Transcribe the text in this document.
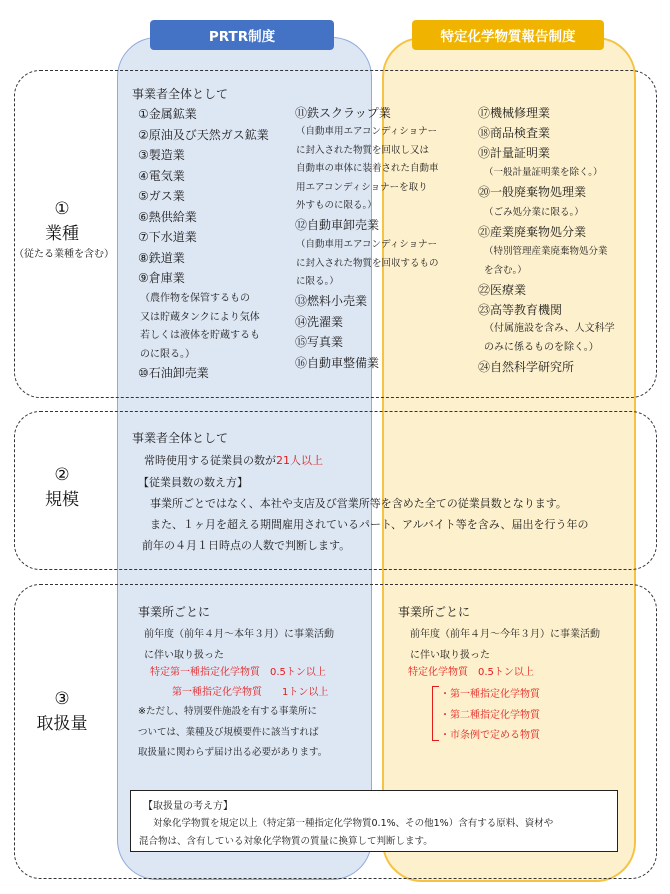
PRTR制度	特定化学物質報告制度
①
業種
（従たる業種を含む）
②
規模
③
取扱量
事業者全体として
①金属鉱業
②原油及び天然ガス鉱業
③製造業
④電気業
⑤ガス業
⑥熱供給業
⑦下水道業
⑧鉄道業
⑨倉庫業
（農作物を保管するもの
又は貯蔵タンクにより気体
若しくは液体を貯蔵するも
のに限る。）
⑩石油卸売業
⑪鉄スクラップ業
（自動車用エアコンディショナー
に封入された物質を回収し又は
自動車の車体に装着された自動車
用エアコンディショナーを取り
外すものに限る。）
⑫自動車卸売業
（自動車用エアコンディショナー
に封入された物質を回収するもの
に限る。）
⑬燃料小売業
⑭洗濯業
⑮写真業
⑯自動車整備業
⑰機械修理業
⑱商品検査業
⑲計量証明業
（一般計量証明業を除く。）
⑳一般廃棄物処理業
（ごみ処分業に限る。）
㉑産業廃棄物処分業
（特別管理産業廃棄物処分業
を含む。）
㉒医療業
㉓高等教育機関
（付属施設を含み、人文科学
のみに係るものを除く。）
㉔自然科学研究所
事業者全体として
常時使用する従業員の数が21人以上
【従業員数の数え方】
事業所ごとではなく、本社や支店及び営業所等を含めた全ての従業員数となります。
また、１ヶ月を超える期間雇用されているパート、アルバイト等を含み、届出を行う年の
前年の４月１日時点の人数で判断します。
事業所ごとに
前年度（前年４月～本年３月）に事業活動
に伴い取り扱った
特定第一種指定化学物質　0.5トン以上
第一種指定化学物質　　1トン以上
※ただし、特別要件施設を有する事業所に
ついては、業種及び規模要件に該当すれば
取扱量に関わらず届け出る必要があります。
事業所ごとに
前年度（前年４月～今年３月）に事業活動
に伴い取り扱った
特定化学物質　0.5トン以上
・第一種指定化学物質
・第二種指定化学物質
・市条例で定める物質
【取扱量の考え方】
対象化学物質を規定以上（特定第一種指定化学物質0.1%、その他1%）含有する原料、資材や
混合物は、含有している対象化学物質の質量に換算して判断します。
